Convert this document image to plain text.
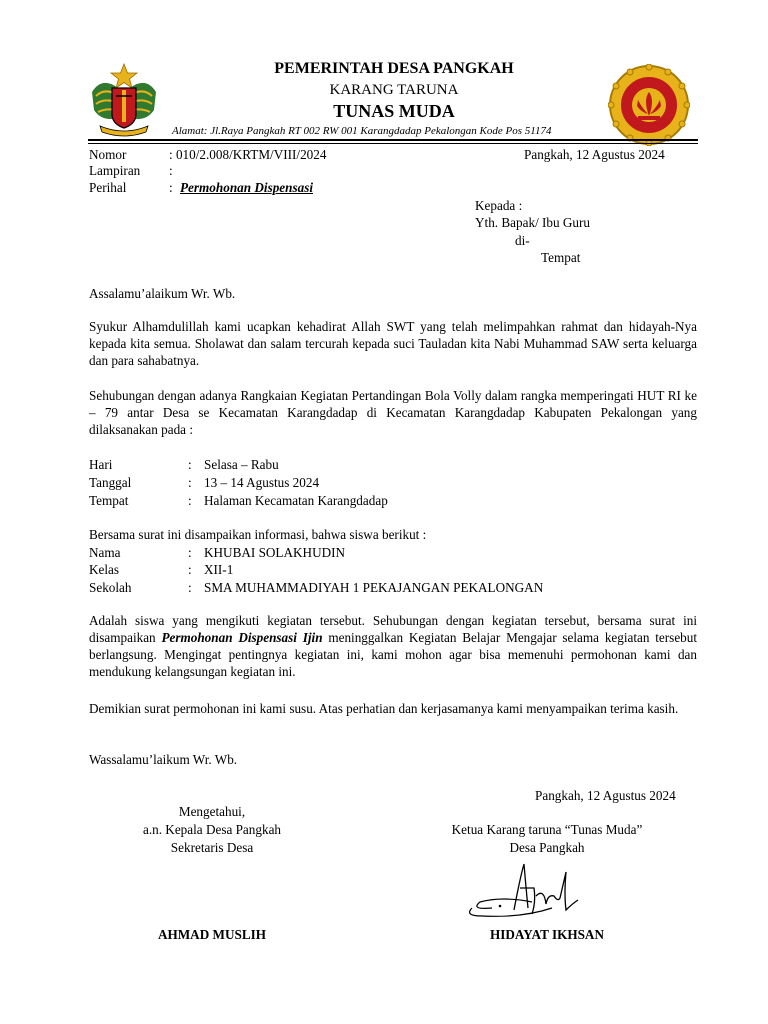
PEMERINTAH DESA PANGKAH
KARANG TARUNA
TUNAS MUDA
Alamat: Jl.Raya Pangkah RT 002 RW 001 Karangdadap Pekalongan Kode Pos 51174
Nomor	: 010/2.008/KRTM/VIII/2024	Pangkah, 12 Agustus 2024
Lampiran :
Perihal	: Permohonan Dispensasi
Kepada :
Yth. Bapak/ Ibu Guru
di-
Tempat
Assalamu’alaikum Wr. Wb.
Syukur Alhamdulillah kami ucapkan kehadirat Allah SWT yang telah melimpahkan rahmat dan hidayah-Nya kepada kita semua. Sholawat dan salam tercurah kepada suci Tauladan kita Nabi Muhammad SAW serta keluarga dan para sahabatnya.
Sehubungan dengan adanya Rangkaian Kegiatan Pertandingan Bola Volly dalam rangka memperingati HUT RI ke – 79 antar Desa se Kecamatan Karangdadap di Kecamatan Karangdadap Kabupaten Pekalongan yang dilaksanakan pada :
Hari	: Selasa – Rabu
Tanggal	: 13 – 14 Agustus 2024
Tempat	: Halaman Kecamatan Karangdadap
Bersama surat ini disampaikan informasi, bahwa siswa berikut :
Nama	: KHUBAI SOLAKHUDIN
Kelas	: XII-1
Sekolah	: SMA MUHAMMADIYAH 1 PEKAJANGAN PEKALONGAN
Adalah siswa yang mengikuti kegiatan tersebut. Sehubungan dengan kegiatan tersebut, bersama surat ini disampaikan Permohonan Dispensasi Ijin meninggalkan Kegiatan Belajar Mengajar selama kegiatan tersebut berlangsung. Mengingat pentingnya kegiatan ini, kami mohon agar bisa memenuhi permohonan kami dan mendukung kelangsungan kegiatan ini.
Demikian surat permohonan ini kami susu. Atas perhatian dan kerjasamanya kami menyampaikan terima kasih.
Wassalamu’laikum Wr. Wb.
Pangkah, 12 Agustus 2024
Mengetahui,
a.n. Kepala Desa Pangkah
Sekretaris Desa
Ketua Karang taruna “Tunas Muda”
Desa Pangkah
AHMAD MUSLIH	HIDAYAT IKHSAN
